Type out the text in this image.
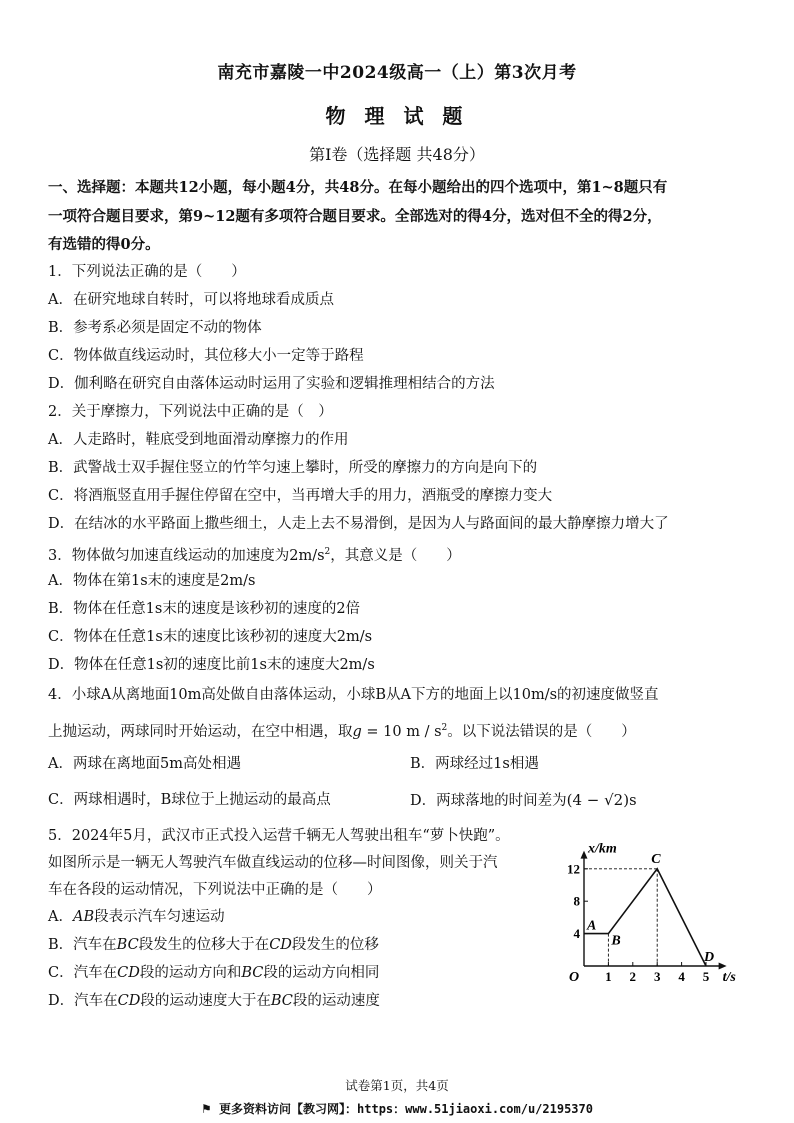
南充市嘉陵一中2024级高一（上）第3次月考
物 理 试 题
第Ⅰ卷（选择题 共48分）
一、选择题：本题共12小题，每小题4分，共48分。在每小题给出的四个选项中，第1~8题只有
一项符合题目要求，第9~12题有多项符合题目要求。全部选对的得4分，选对但不全的得2分，
有选错的得0分。
1．下列说法正确的是（　　）
A．在研究地球自转时，可以将地球看成质点
B．参考系必须是固定不动的物体
C．物体做直线运动时，其位移大小一定等于路程
D．伽利略在研究自由落体运动时运用了实验和逻辑推理相结合的方法
2．关于摩擦力，下列说法中正确的是（　）
A．人走路时，鞋底受到地面滑动摩擦力的作用
B．武警战士双手握住竖立的竹竿匀速上攀时，所受的摩擦力的方向是向下的
C．将酒瓶竖直用手握住停留在空中，当再增大手的用力，酒瓶受的摩擦力变大
D．在结冰的水平路面上撒些细土，人走上去不易滑倒，是因为人与路面间的最大静摩擦力增大了
3．物体做匀加速直线运动的加速度为$2m/s^2$，其意义是（　　）
A．物体在第1s末的速度是2m/s
B．物体在任意1s末的速度是该秒初的速度的2倍
C．物体在任意1s末的速度比该秒初的速度大2m/s
D．物体在任意1s初的速度比前1s末的速度大2m/s
4．小球A从离地面10m高处做自由落体运动，小球B从A下方的地面上以10m/s的初速度做竖直
上抛运动，两球同时开始运动，在空中相遇，取g = 10 m / $s^2$。以下说法错误的是（　　）
A．两球在离地面5m高处相遇	B．两球经过1s相遇
C．两球相遇时，B球位于上抛运动的最高点	D．两球落地的时间差为(4 − √2)s
5．2024年5月，武汉市正式投入运营千辆无人驾驶出租车“萝卜快跑”。
如图所示是一辆无人驾驶汽车做直线运动的位移—时间图像，则关于汽
车在各段的运动情况，下列说法中正确的是（　　）
A．AB段表示汽车匀速运动
B．汽车在BC段发生的位移大于在CD段发生的位移
C．汽车在CD段的运动方向和BC段的运动方向相同
D．汽车在CD段的运动速度大于在BC段的运动速度
1 2 3 4 5
4
8
12
A
B
C
D
x/km
t/s
O
试卷第1页，共4页
⚑ 更多资料访问【教习网】：https：www.51jiaoxi.com/u/2195370
